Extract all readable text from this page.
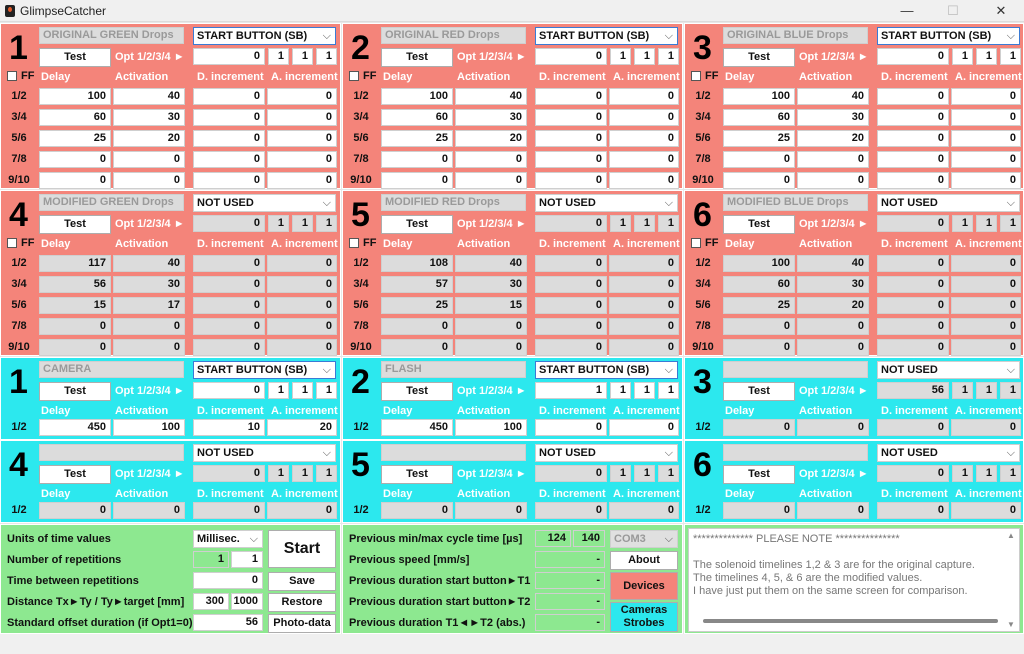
GlimpseCatcher	—	☐	✕
1	ORIGINAL GREEN Drops	START BUTTON (SB) ⌵
Test	Opt 1/2/3/4 ►	0	1	1	1
Delay	Activation	D. increment A. increment
FF
1/2	100	40	0	0
3/4	60	30	0	0
5/6	25	20	0	0
7/8	0	0	0	0
9/10	0	0	0	0
2	ORIGINAL RED Drops	START BUTTON (SB) ⌵
Test	Opt 1/2/3/4 ►	0	1	1	1
Delay	Activation	D. increment A. increment
FF
1/2	100	40	0	0
3/4	60	30	0	0
5/6	25	20	0	0
7/8	0	0	0	0
9/10	0	0	0	0
3	ORIGINAL BLUE Drops	START BUTTON (SB) ⌵
Test	Opt 1/2/3/4 ►	0	1	1	1
Delay	Activation	D. increment A. increment
FF
1/2	100	40	0	0
3/4	60	30	0	0
5/6	25	20	0	0
7/8	0	0	0	0
9/10	0	0	0	0
4	MODIFIED GREEN Drops	NOT USED	⌵
Test	Opt 1/2/3/4 ►	0	1	1	1
Delay	Activation	D. increment A. increment
FF
1/2	117	40	0	0
3/4	56	30	0	0
5/6	15	17	0	0
7/8	0	0	0	0
9/10	0	0	0	0
5	MODIFIED RED Drops	NOT USED	⌵
Test	Opt 1/2/3/4 ►	0	1	1	1
Delay	Activation	D. increment A. increment
FF
1/2	108	40	0	0
3/4	57	30	0	0
5/6	25	15	0	0
7/8	0	0	0	0
9/10	0	0	0	0
6	MODIFIED BLUE Drops	NOT USED	⌵
Test	Opt 1/2/3/4 ►	0	1	1	1
Delay	Activation	D. increment A. increment
FF
1/2	100	40	0	0
3/4	60	30	0	0
5/6	25	20	0	0
7/8	0	0	0	0
9/10	0	0	0	0
1	CAMERA	START BUTTON (SB) ⌵
Test	Opt 1/2/3/4 ►	0	1	1	1
Delay	Activation	D. increment A. increment
1/2	450	100	10	20
2	FLASH	START BUTTON (SB) ⌵
Test	Opt 1/2/3/4 ►	1	1	1	1
Delay	Activation	D. increment A. increment
1/2	450	100	0	0
3	NOT USED	⌵
Test	Opt 1/2/3/4 ►	56	1	1	1
Delay	Activation	D. increment A. increment
1/2	0	0	0	0
4	NOT USED	⌵
Test	Opt 1/2/3/4 ►	0	1	1	1
Delay	Activation	D. increment A. increment
1/2	0	0	0	0
5	NOT USED	⌵
Test	Opt 1/2/3/4 ►	0	1	1	1
Delay	Activation	D. increment A. increment
1/2	0	0	0	0
6	NOT USED	⌵
Test	Opt 1/2/3/4 ►	0	1	1	1
Delay	Activation	D. increment A. increment
1/2	0	0	0	0
Units of time values	Millisec. ⌵
Number of repetitions	1	1
Time between repetitions	0
Distance Tx►Ty / Ty►target [mm]	300 1000
Standard offset duration (if Opt1=0)	56
Start
Save
Restore
Photo-data
Previous min/max cycle time [µs]	124	140
Previous speed [mm/s]	-
Previous duration start button►T1	-
Previous duration start button►T2	-
Previous duration T1◄►T2 (abs.)	-
COM3 ⌵
About
Devices
Cameras
Strobes
************** PLEASE NOTE ***************
The solenoid timelines 1,2 & 3 are for the original capture.
The timelines 4, 5, & 6 are the modified values.
I have just put them on the same screen for comparison.
▲
▼
